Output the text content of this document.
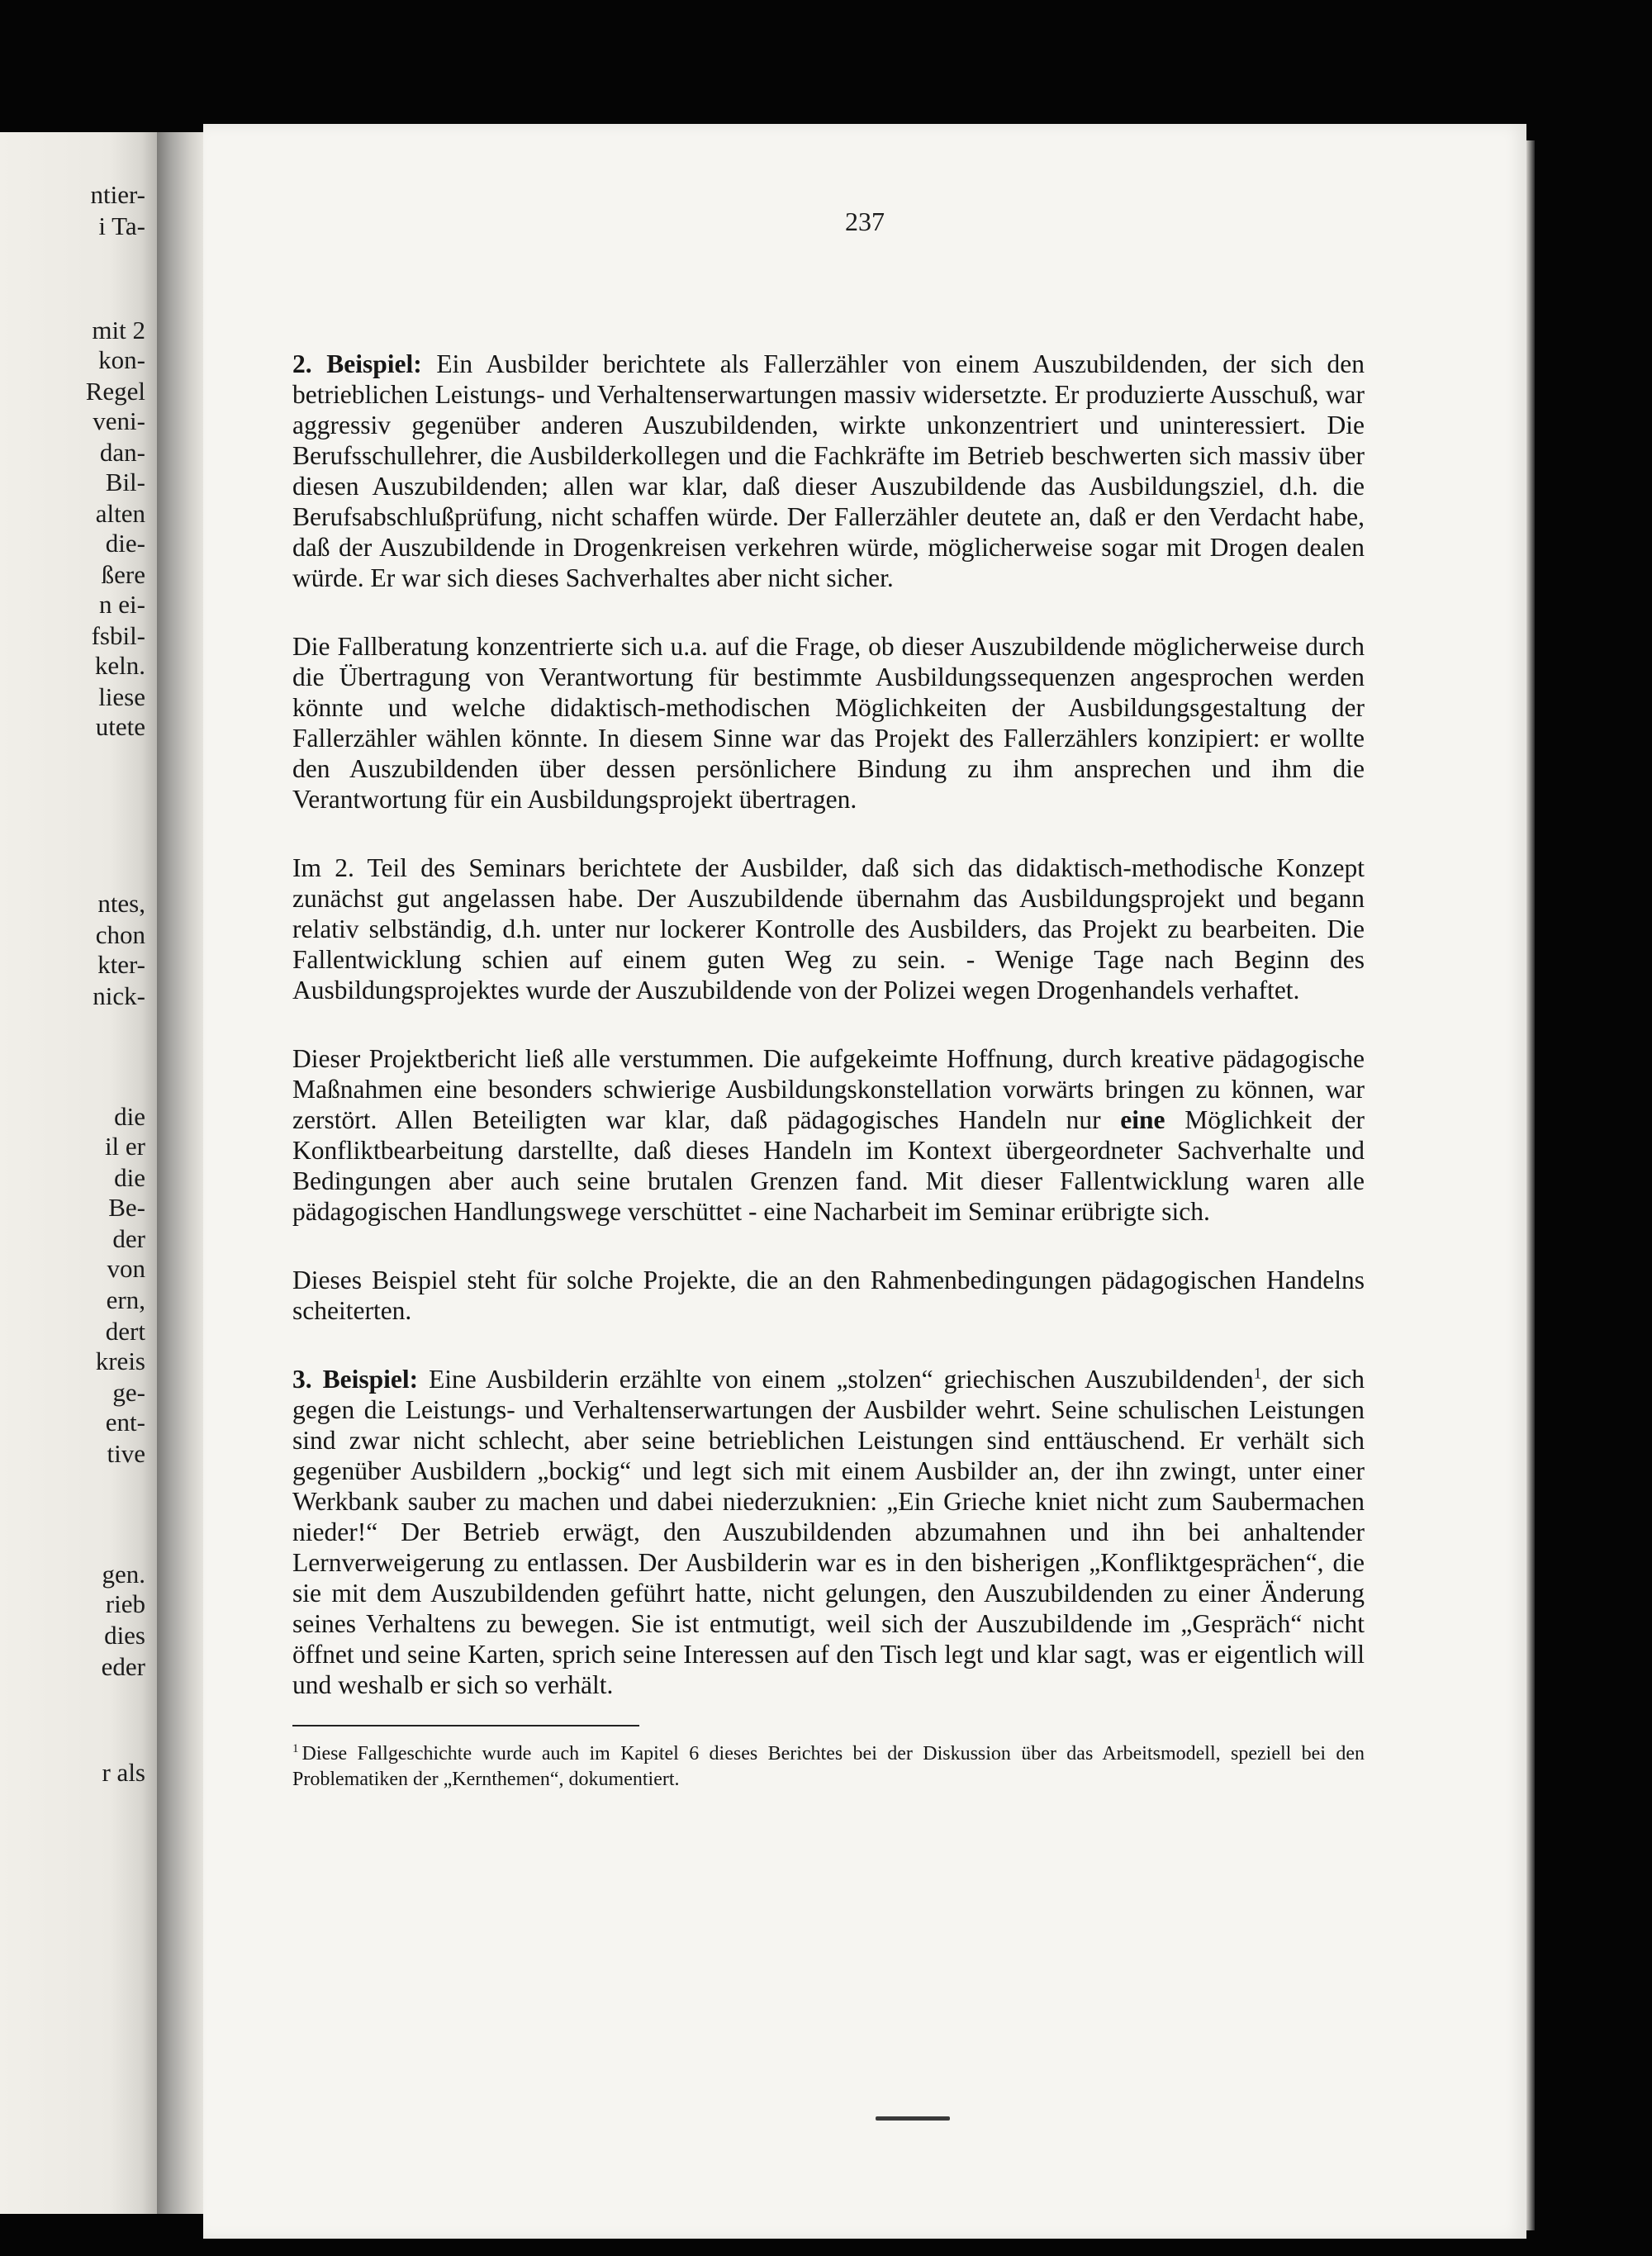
ntier-
i Ta-
mit 2
kon-
Regel
veni-
dan-
Bil-
alten
die-
ßere
n ei-
fsbil-
keln.
liese
utete
ntes,
chon
kter-
nick-
die
il er
die
Be-
der
von
ern,
dert
kreis
ge-
ent-
tive
gen.
rieb
dies
eder
r als
237

2. Beispiel: Ein Ausbilder berichtete als Fallerzähler von einem Auszubildenden, der sich den betrieblichen Leistungs- und Verhaltenserwartungen massiv widersetzte. Er produzierte Ausschuß, war aggressiv gegenüber anderen Auszubildenden, wirkte unkonzentriert und uninteressiert. Die Berufsschullehrer, die Ausbilderkollegen und die Fachkräfte im Betrieb beschwerten sich massiv über diesen Auszubildenden; allen war klar, daß dieser Auszubildende das Ausbildungsziel, d.h. die Berufsabschlußprüfung, nicht schaffen würde. Der Fallerzähler deutete an, daß er den Verdacht habe, daß der Auszubildende in Drogenkreisen verkehren würde, möglicherweise sogar mit Drogen dealen würde. Er war sich dieses Sachverhaltes aber nicht sicher.

Die Fallberatung konzentrierte sich u.a. auf die Frage, ob dieser Auszubildende möglicherweise durch die Übertragung von Verantwortung für bestimmte Ausbildungssequenzen angesprochen werden könnte und welche didaktisch-methodischen Möglichkeiten der Ausbildungsgestaltung der Fallerzähler wählen könnte. In diesem Sinne war das Projekt des Fallerzählers konzipiert: er wollte den Auszubildenden über dessen persönlichere Bindung zu ihm ansprechen und ihm die Verantwortung für ein Ausbildungsprojekt übertragen.

Im 2. Teil des Seminars berichtete der Ausbilder, daß sich das didaktisch-methodische Konzept zunächst gut angelassen habe. Der Auszubildende übernahm das Ausbildungsprojekt und begann relativ selbständig, d.h. unter nur lockerer Kontrolle des Ausbilders, das Projekt zu bearbeiten. Die Fallentwicklung schien auf einem guten Weg zu sein. - Wenige Tage nach Beginn des Ausbildungsprojektes wurde der Auszubildende von der Polizei wegen Drogenhandels verhaftet.

Dieser Projektbericht ließ alle verstummen. Die aufgekeimte Hoffnung, durch kreative pädagogische Maßnahmen eine besonders schwierige Ausbildungskonstellation vorwärts bringen zu können, war zerstört. Allen Beteiligten war klar, daß pädagogisches Handeln nur eine Möglichkeit der Konfliktbearbeitung darstellte, daß dieses Handeln im Kontext übergeordneter Sachverhalte und Bedingungen aber auch seine brutalen Grenzen fand. Mit dieser Fallentwicklung waren alle pädagogischen Handlungswege verschüttet - eine Nacharbeit im Seminar erübrigte sich.

Dieses Beispiel steht für solche Projekte, die an den Rahmenbedingungen pädagogischen Handelns scheiterten.

3. Beispiel: Eine Ausbilderin erzählte von einem „stolzen“ griechischen Auszubildenden$^1$, der sich gegen die Leistungs- und Verhaltenserwartungen der Ausbilder wehrt. Seine schulischen Leistungen sind zwar nicht schlecht, aber seine betrieblichen Leistungen sind enttäuschend. Er verhält sich gegenüber Ausbildern „bockig“ und legt sich mit einem Ausbilder an, der ihn zwingt, unter einer Werkbank sauber zu machen und dabei niederzuknien: „Ein Grieche kniet nicht zum Saubermachen nieder!“ Der Betrieb erwägt, den Auszubildenden abzumahnen und ihn bei anhaltender Lernverweigerung zu entlassen. Der Ausbilderin war es in den bisherigen „Konfliktgesprächen“, die sie mit dem Auszubildenden geführt hatte, nicht gelungen, den Auszubildenden zu einer Änderung seines Verhaltens zu bewegen. Sie ist entmutigt, weil sich der Auszubildende im „Gespräch“ nicht öffnet und seine Karten, sprich seine Interessen auf den Tisch legt und klar sagt, was er eigentlich will und weshalb er sich so verhält.

$^1$ Diese Fallgeschichte wurde auch im Kapitel 6 dieses Berichtes bei der Diskussion über das Arbeitsmodell, speziell bei den Problematiken der „Kernthemen“, dokumentiert.
